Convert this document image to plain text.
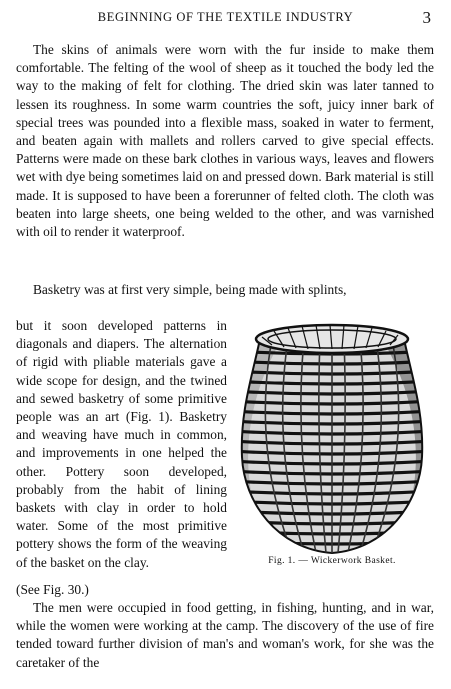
BEGINNING OF THE TEXTILE INDUSTRY	3

The skins of animals were worn with the fur inside to make them comfortable. The felting of the wool of sheep as it touched the body led the way to the making of felt for clothing. The dried skin was later tanned to lessen its roughness. In some warm countries the soft, juicy inner bark of special trees was pounded into a flexible mass, soaked in water to ferment, and beaten again with mallets and rollers carved to give special effects. Patterns were made on these bark clothes in various ways, leaves and flowers wet with dye being sometimes laid on and pressed down. Bark material is still made. It is supposed to have been a forerunner of felted cloth. The cloth was beaten into large sheets, one being welded to the other, and was varnished with oil to render it waterproof.

Basketry was at first very simple, being made with splints,

but it soon developed patterns in diagonals and diapers. The alternation of rigid with pliable materials gave a wide scope for design, and the twined and sewed basketry of some primitive people was an art (Fig. 1). Basketry and weaving have much in common, and improvements in one helped the other. Pottery soon developed, probably from the habit of lining baskets with clay in order to hold water. Some of the most primitive pottery shows the form of the weaving of the basket on the clay.

(See Fig. 30.)

Fig. 1. — Wickerwork Basket.

The men were occupied in food getting, in fishing, hunting, and in war, while the women were working at the camp. The discovery of the use of fire tended toward further division of man's and woman's work, for she was the caretaker of the
